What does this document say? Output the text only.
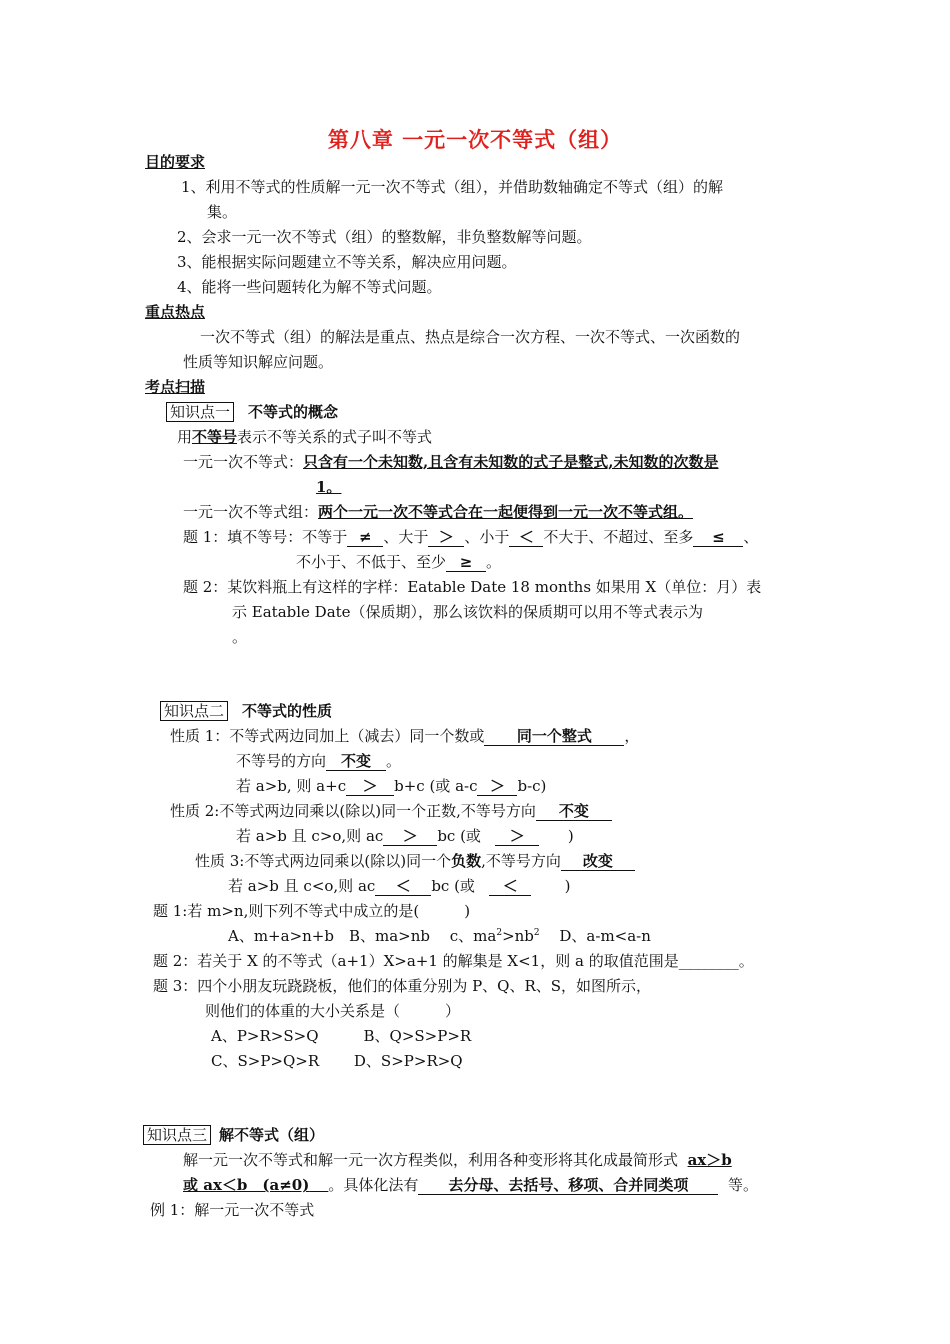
第八章 一元一次不等式（组）
目的要求
1、利用不等式的性质解一元一次不等式（组），并借助数轴确定不等式（组）的解
集。
2、会求一元一次不等式（组）的整数解，非负整数解等问题。
3、能根据实际问题建立不等关系，解决应用问题。
4、能将一些问题转化为解不等式问题。
重点热点
一次不等式（组）的解法是重点、热点是综合一次方程、一次不等式、一次函数的
性质等知识解应问题。
考点扫描
知识点一 不等式的概念
用不等号表示不等关系的式子叫不等式
一元一次不等式：只含有一个未知数,且含有未知数的式子是整式,未知数的次数是
1。
一元一次不等式组：两个一元一次不等式合在一起便得到一元一次不等式组。
题 1：填不等号：不等于 ≠ 、大于 ＞ 、小于 ＜ 不大于、不超过、至多 ≤ 、
不小于、不低于、至少 ≥ 。
题 2：某饮料瓶上有这样的字样：Eatable Date 18 months 如果用 X（单位：月）表
示 Eatable Date（保质期），那么该饮料的保质期可以用不等式表示为
。
知识点二 不等式的性质
性质 1：不等式两边同加上（减去）同一个数或 同一个整式 ，
不等号的方向 不变 。
若 a>b, 则 a+c ＞ b+c (或 a-c ＞ b-c)
性质 2:不等式两边同乘以(除以)同一个正数,不等号方向 不变
若 a>b 且 c>o,则 ac ＞ bc (或 ＞	)
性质 3:不等式两边同乘以(除以)同一个负数,不等号方向 改变
若 a>b 且 c<o,则 ac ＜ bc (或 ＜	)
题 1:若 m>n,则下列不等式中成立的是(　　　)
A、m+a>n+b　B、ma>nb　 c、$ma^2>nb^2$　 D、a-m<a-n
题 2：若关于 X 的不等式（a+1）X>a+1 的解集是 X<1，则 a 的取值范围是________。
题 3：四个小朋友玩跷跷板，他们的体重分别为 P、Q、R、S，如图所示，
则他们的体重的大小关系是（　　　）
A、P>R>S>Q　　　B、Q>S>P>R
C、S>P>Q>R　　 D、S>P>R>Q
知识点三 解不等式（组）
解一元一次不等式和解一元一次方程类似，利用各种变形将其化成最简形式 ax＞b
或 ax＜b　(a≠0) 。具体化法有 去分母、去括号、移项、合并同类项	等。
例 1：解一元一次不等式
